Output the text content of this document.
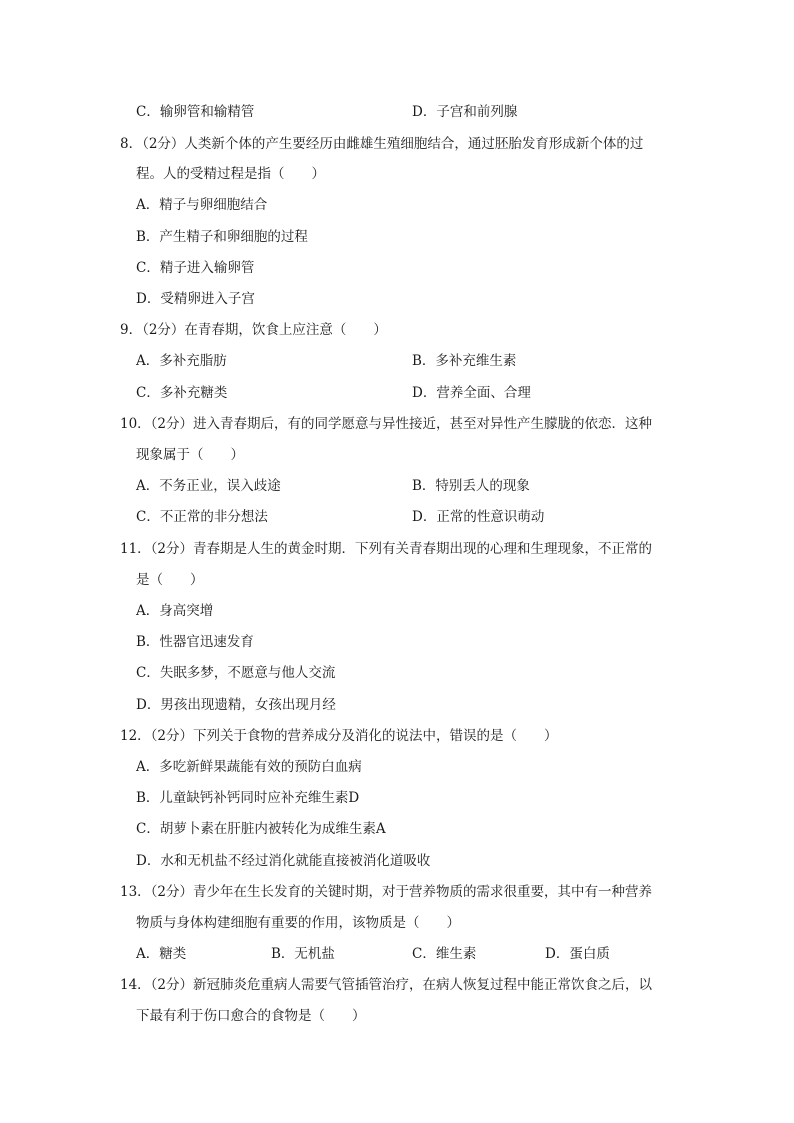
C．输卵管和输精管	D．子宫和前列腺
8．（2分）人类新个体的产生要经历由雌雄生殖细胞结合，通过胚胎发育形成新个体的过
程。人的受精过程是指（　　）
A．精子与卵细胞结合
B．产生精子和卵细胞的过程
C．精子进入输卵管
D．受精卵进入子宫
9．（2分）在青春期，饮食上应注意（　　）
A．多补充脂肪	B．多补充维生素
C．多补充糖类	D．营养全面、合理
10．（2分）进入青春期后，有的同学愿意与异性接近，甚至对异性产生朦胧的依恋．这种
现象属于（　　）
A．不务正业，误入歧途	B．特别丢人的现象
C．不正常的非分想法	D．正常的性意识萌动
11．（2分）青春期是人生的黄金时期．下列有关青春期出现的心理和生理现象，不正常的
是（　　）
A．身高突增
B．性器官迅速发育
C．失眠多梦，不愿意与他人交流
D．男孩出现遗精，女孩出现月经
12．（2分）下列关于食物的营养成分及消化的说法中，错误的是（　　）
A．多吃新鲜果蔬能有效的预防白血病
B．儿童缺钙补钙同时应补充维生素D
C．胡萝卜素在肝脏内被转化为成维生素A
D．水和无机盐不经过消化就能直接被消化道吸收
13．（2分）青少年在生长发育的关键时期，对于营养物质的需求很重要，其中有一种营养
物质与身体构建细胞有重要的作用，该物质是（　　）
A．糖类	B．无机盐	C．维生素	D．蛋白质
14．（2分）新冠肺炎危重病人需要气管插管治疗，在病人恢复过程中能正常饮食之后，以
下最有利于伤口愈合的食物是（　　）
